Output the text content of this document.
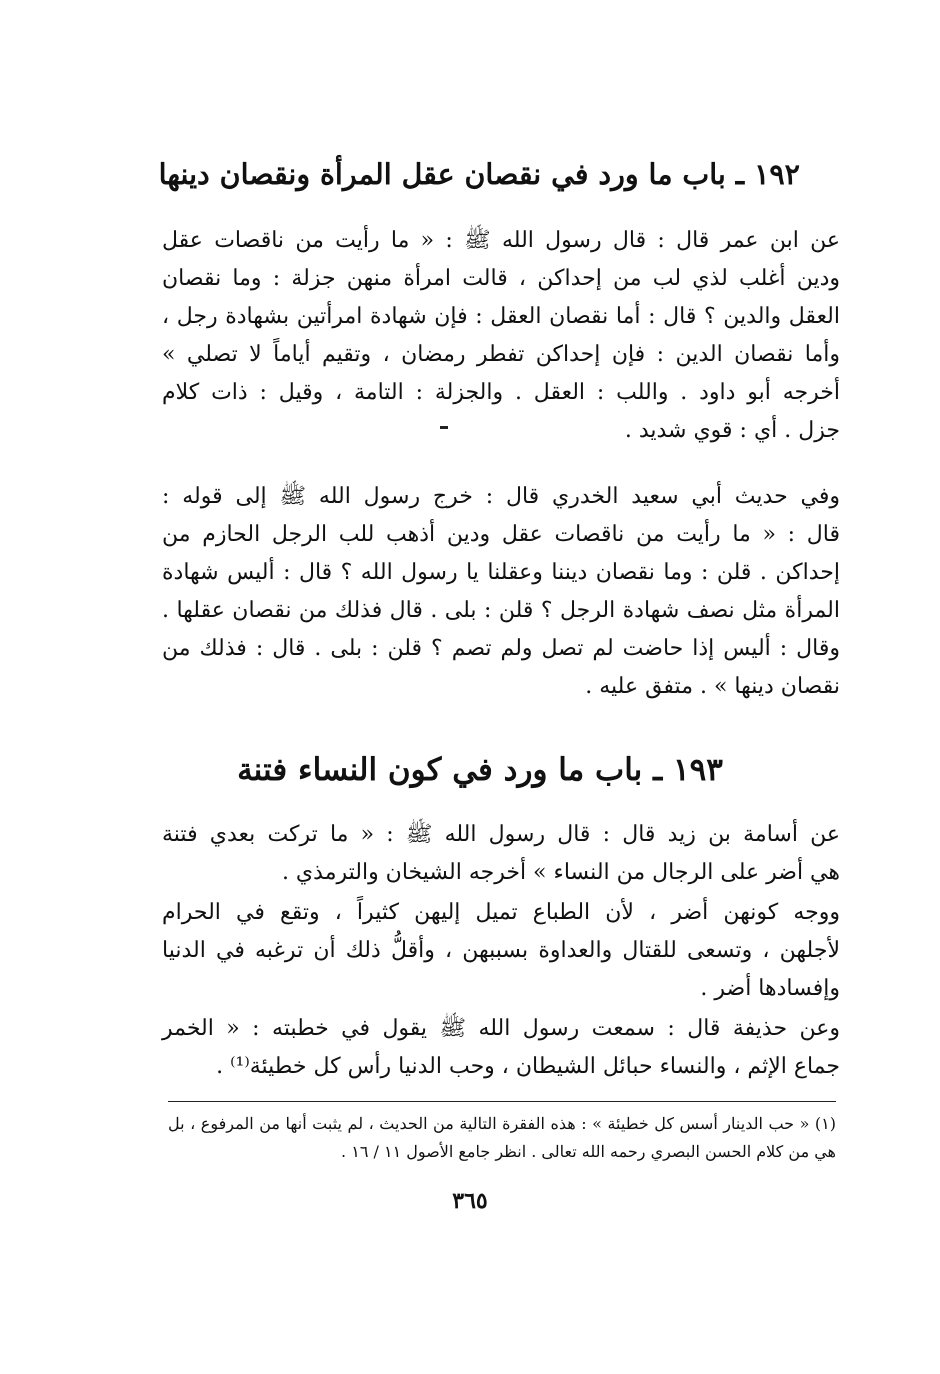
١٩٢ ـ باب ما ورد في نقصان عقل المرأة ونقصان دينها

عن ابن عمر قال : قال رسول الله ﷺ : « ما رأيت من ناقصات عقل
ودين أغلب لذي لب من إحداكن ، قالت امرأة منهن جزلة : وما نقصان
العقل والدين ؟ قال : أما نقصان العقل : فإن شهادة امرأتين بشهادة رجل ،
وأما نقصان الدين : فإن إحداكن تفطر رمضان ، وتقيم أياماً لا تصلي »
أخرجه أبو داود . واللب : العقل . والجزلة : التامة ، وقيل : ذات كلام
جزل . أي : قوي شديد .

وفي حديث أبي سعيد الخدري قال : خرج رسول الله ﷺ إلى قوله :
قال : « ما رأيت من ناقصات عقل ودين أذهب للب الرجل الحازم من
إحداكن . قلن : وما نقصان ديننا وعقلنا يا رسول الله ؟ قال : أليس شهادة
المرأة مثل نصف شهادة الرجل ؟ قلن : بلى . قال فذلك من نقصان عقلها .
وقال : أليس إذا حاضت لم تصل ولم تصم ؟ قلن : بلى . قال : فذلك من
نقصان دينها » . متفق عليه .

١٩٣ ـ باب ما ورد في كون النساء فتنة

عن أسامة بن زيد قال : قال رسول الله ﷺ : « ما تركت بعدي فتنة
هي أضر على الرجال من النساء » أخرجه الشيخان والترمذي .

ووجه كونهن أضر ، لأن الطباع تميل إليهن كثيراً ، وتقع في الحرام
لأجلهن ، وتسعى للقتال والعداوة بسببهن ، وأقلُّ ذلك أن ترغبه في الدنيا
وإفسادها أضر .

وعن حذيفة قال : سمعت رسول الله ﷺ يقول في خطبته : « الخمر
جماع الإثم ، والنساء حبائل الشيطان ، وحب الدنيا رأس كل خطيئة⁽¹⁾ .

(١) « حب الدينار أسس كل خطيئة » : هذه الفقرة التالية من الحديث ، لم يثبت أنها من المرفوع ، بل
هي من كلام الحسن البصري رحمه الله تعالى . انظر جامع الأصول ١١ / ١٦ .

٣٦٥
